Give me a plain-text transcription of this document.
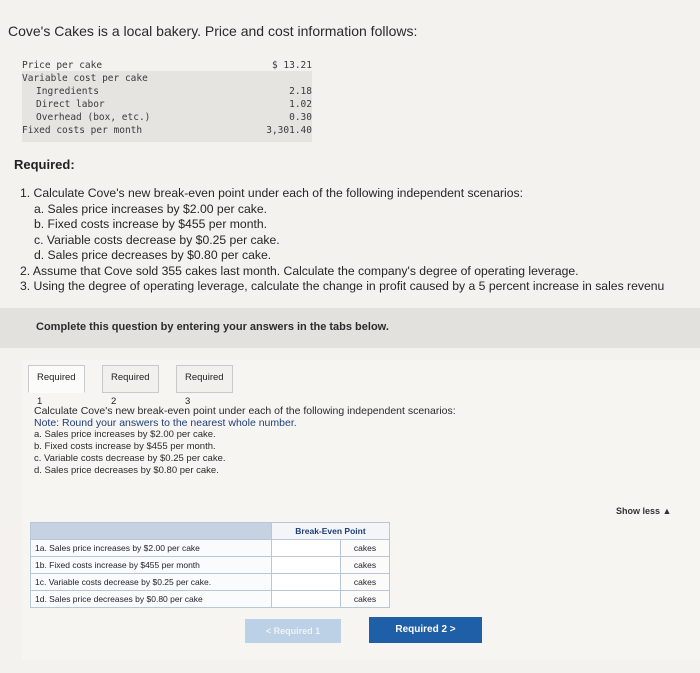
Cove's Cakes is a local bakery. Price and cost information follows:
Price per cake	$ 13.21
Variable cost per cake
Ingredients	2.18
Direct labor	1.02
Overhead (box, etc.)	0.30
Fixed costs per month	3,301.40
Required:
1. Calculate Cove's new break-even point under each of the following independent scenarios:
a. Sales price increases by $2.00 per cake.
b. Fixed costs increase by $455 per month.
c. Variable costs decrease by $0.25 per cake.
d. Sales price decreases by $0.80 per cake.
2. Assume that Cove sold 355 cakes last month. Calculate the company's degree of operating leverage.
3. Using the degree of operating leverage, calculate the change in profit caused by a 5 percent increase in sales revenu
Complete this question by entering your answers in the tabs below.
Required 1
Required 2
Required 3
Calculate Cove's new break-even point under each of the following independent scenarios:
Note: Round your answers to the nearest whole number.
a. Sales price increases by $2.00 per cake.
b. Fixed costs increase by $455 per month.
c. Variable costs decrease by $0.25 per cake.
d. Sales price decreases by $0.80 per cake.
Show less ▲
	Break-Even Point	
1a. Sales price increases by $2.00 per cake		cakes
1b. Fixed costs increase by $455 per month		cakes
1c. Variable costs decrease by $0.25 per cake.		cakes
1d. Sales price decreases by $0.80 per cake		cakes
< Required 1	Required 2 >
